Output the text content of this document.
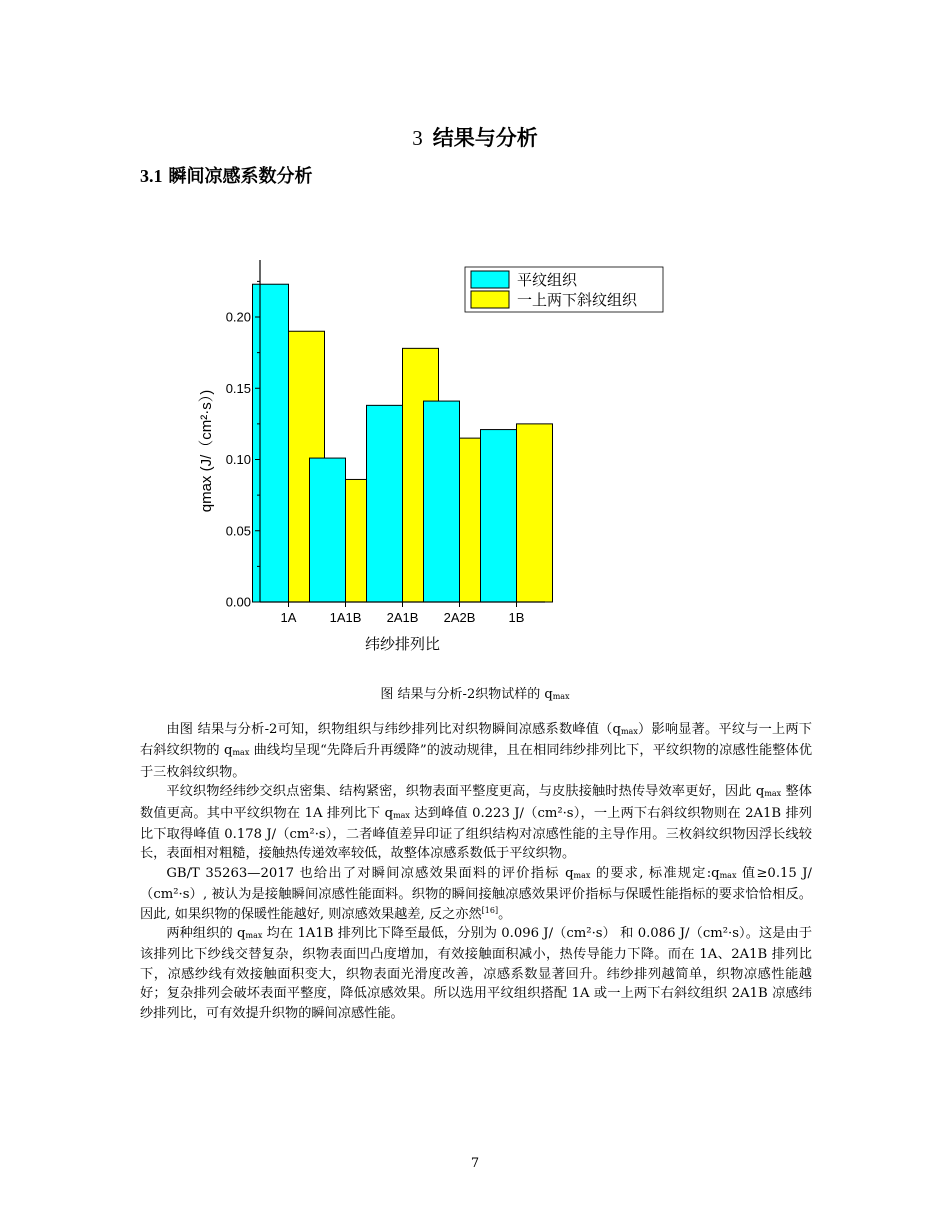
3 结果与分析
3.1 瞬间凉感系数分析
1A	1A1B 2A1B 2A2B	1B
0.00
0.05
0.10
0.15
0.20
纬纱排列比
qmax (J/（cm²·s）)
平纹组织
一上两下斜纹组织
图 结果与分析-2织物试样的 $q_{max}$

由图 结果与分析-2可知，织物组织与纬纱排列比对织物瞬间凉感系数峰值$(q_{max})$影响显著。平纹与一上两下右斜纹织物的 $q_{max}$ 曲线均呈现“先降后升再缓降”的波动规律，且在相同纬纱排列比下，平纹织物的凉感性能整体优于三枚斜纹织物。

平纹织物经纬纱交织点密集、结构紧密，织物表面平整度更高，与皮肤接触时热传导效率更好，因此 $q_{max}$ 整体数值更高。其中平纹织物在 1A 排列比下 $q_{max}$ 达到峰值 0.223 J/（cm²·s），一上两下右斜纹织物则在 2A1B 排列比下取得峰值 0.178 J/（cm²·s），二者峰值差异印证了组织结构对凉感性能的主导作用。三枚斜纹织物因浮长线较长，表面相对粗糙，接触热传递效率较低，故整体凉感系数低于平纹织物。

GB/T 35263—2017 也给出了对瞬间凉感效果面料的评价指标 $q_{max}$ 的要求, 标准规定$:q_{max}$ 值≥0.15 J/（cm²·s）, 被认为是接触瞬间凉感性能面料。织物的瞬间接触凉感效果评价指标与保暖性能指标的要求恰恰相反。因此, 如果织物的保暖性能越好, 则凉感效果越差, 反之亦然[16]。

两种组织的 $q_{max}$ 均在 1A1B 排列比下降至最低，分别为 0.096 J/（cm²·s） 和 0.086 J/（cm²·s）。这是由于该排列比下纱线交替复杂，织物表面凹凸度增加，有效接触面积减小，热传导能力下降。而在 1A、2A1B 排列比下，凉感纱线有效接触面积变大，织物表面光滑度改善，凉感系数显著回升。纬纱排列越简单，织物凉感性能越好；复杂排列会破坏表面平整度，降低凉感效果。所以选用平纹组织搭配 1A 或一上两下右斜纹组织 2A1B 凉感纬纱排列比，可有效提升织物的瞬间凉感性能。

7
